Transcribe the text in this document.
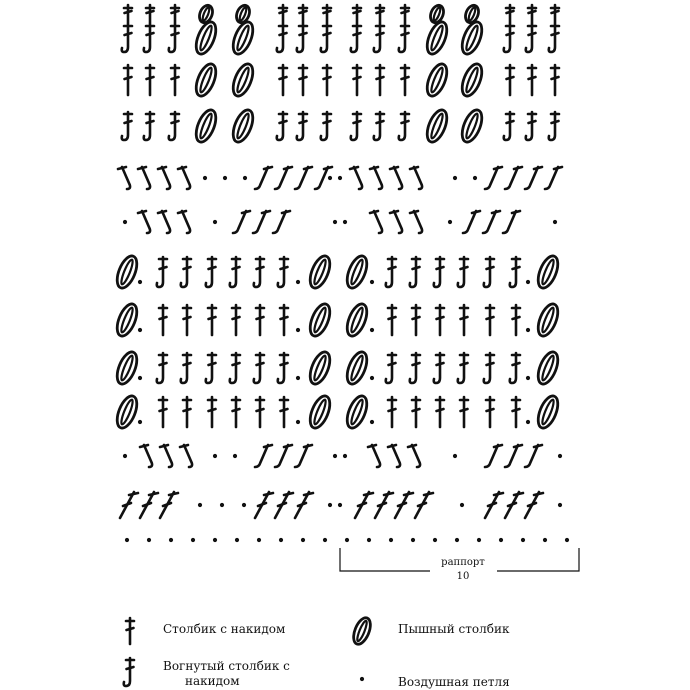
раппорт
10
Столбик с накидом	Пышный столбик
Вогнутый столбик с
накидом	Воздушная петля
